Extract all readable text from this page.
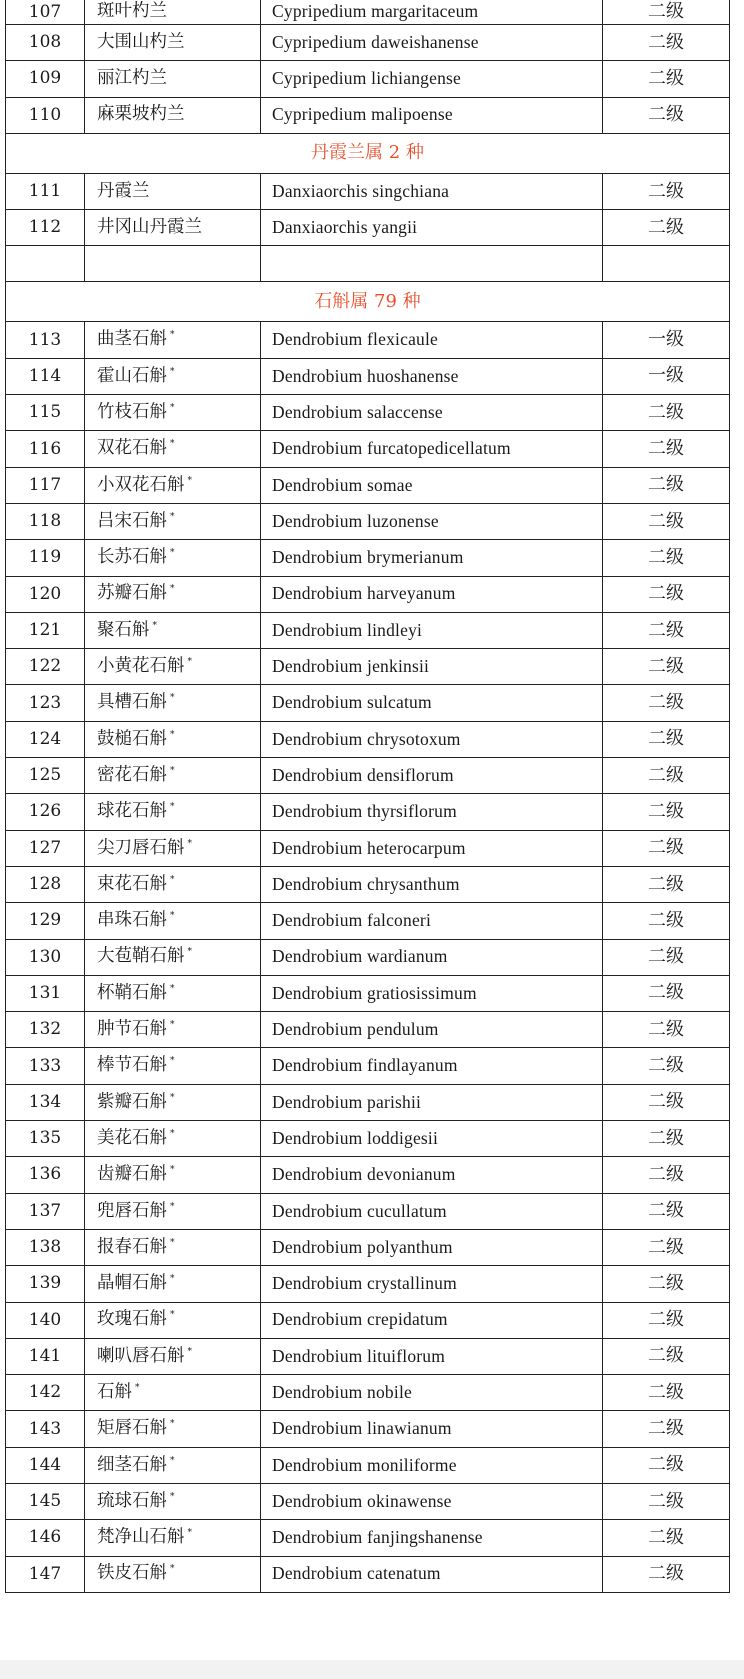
107	斑叶杓兰	Cypripedium margaritaceum	二级
108	大围山杓兰	Cypripedium daweishanense	二级
109	丽江杓兰	Cypripedium lichiangense	二级
110	麻栗坡杓兰	Cypripedium malipoense	二级
丹霞兰属 2 种			
111	丹霞兰	Danxiaorchis singchiana	二级
112	井冈山丹霞兰	Danxiaorchis yangii	二级

石斛属 79 种			
113	曲茎石斛 *	Dendrobium flexicaule	一级
114	霍山石斛 *	Dendrobium huoshanense	一级
115	竹枝石斛 *	Dendrobium salaccense	二级
116	双花石斛 *	Dendrobium furcatopedicellatum	二级
117	小双花石斛 *	Dendrobium somae	二级
118	吕宋石斛 *	Dendrobium luzonense	二级
119	长苏石斛 *	Dendrobium brymerianum	二级
120	苏瓣石斛 *	Dendrobium harveyanum	二级
121	聚石斛 *	Dendrobium lindleyi	二级
122	小黄花石斛 *	Dendrobium jenkinsii	二级
123	具槽石斛 *	Dendrobium sulcatum	二级
124	鼓槌石斛 *	Dendrobium chrysotoxum	二级
125	密花石斛 *	Dendrobium densiflorum	二级
126	球花石斛 *	Dendrobium thyrsiflorum	二级
127	尖刀唇石斛 *	Dendrobium heterocarpum	二级
128	束花石斛 *	Dendrobium chrysanthum	二级
129	串珠石斛 *	Dendrobium falconeri	二级
130	大苞鞘石斛 *	Dendrobium wardianum	二级
131	杯鞘石斛 *	Dendrobium gratiosissimum	二级
132	肿节石斛 *	Dendrobium pendulum	二级
133	棒节石斛 *	Dendrobium findlayanum	二级
134	紫瓣石斛 *	Dendrobium parishii	二级
135	美花石斛 *	Dendrobium loddigesii	二级
136	齿瓣石斛 *	Dendrobium devonianum	二级
137	兜唇石斛 *	Dendrobium cucullatum	二级
138	报春石斛 *	Dendrobium polyanthum	二级
139	晶帽石斛 *	Dendrobium crystallinum	二级
140	玫瑰石斛 *	Dendrobium crepidatum	二级
141	喇叭唇石斛 *	Dendrobium lituiflorum	二级
142	石斛 *	Dendrobium nobile	二级
143	矩唇石斛 *	Dendrobium linawianum	二级
144	细茎石斛 *	Dendrobium moniliforme	二级
145	琉球石斛 *	Dendrobium okinawense	二级
146	梵净山石斛 *	Dendrobium fanjingshanense	二级
147	铁皮石斛 *	Dendrobium catenatum	二级
